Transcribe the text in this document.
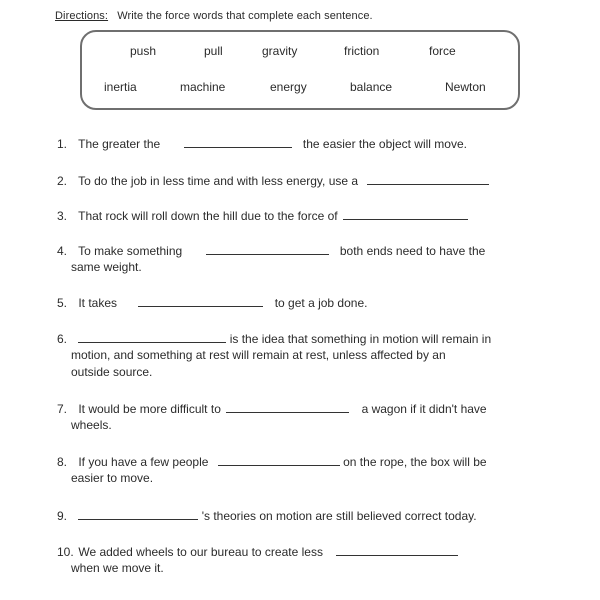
Directions: Write the force words that complete each sentence.
push	pull	gravity	friction	force
inertia	machine	energy	balance	Newton
1. The greater the	the easier the object will move.
2. To do the job in less time and with less energy, use a
3. That rock will roll down the hill due to the force of
4. To make something	both ends need to have the
same weight.
5. It takes	to get a job done.
6.	is the idea that something in motion will remain in
motion, and something at rest will remain at rest, unless affected by an
outside source.
7. It would be more difficult to	a wagon if it didn't have
wheels.
8. If you have a few people	on the rope, the box will be
easier to move.
9.	's theories on motion are still believed correct today.
10. We added wheels to our bureau to create less
when we move it.
